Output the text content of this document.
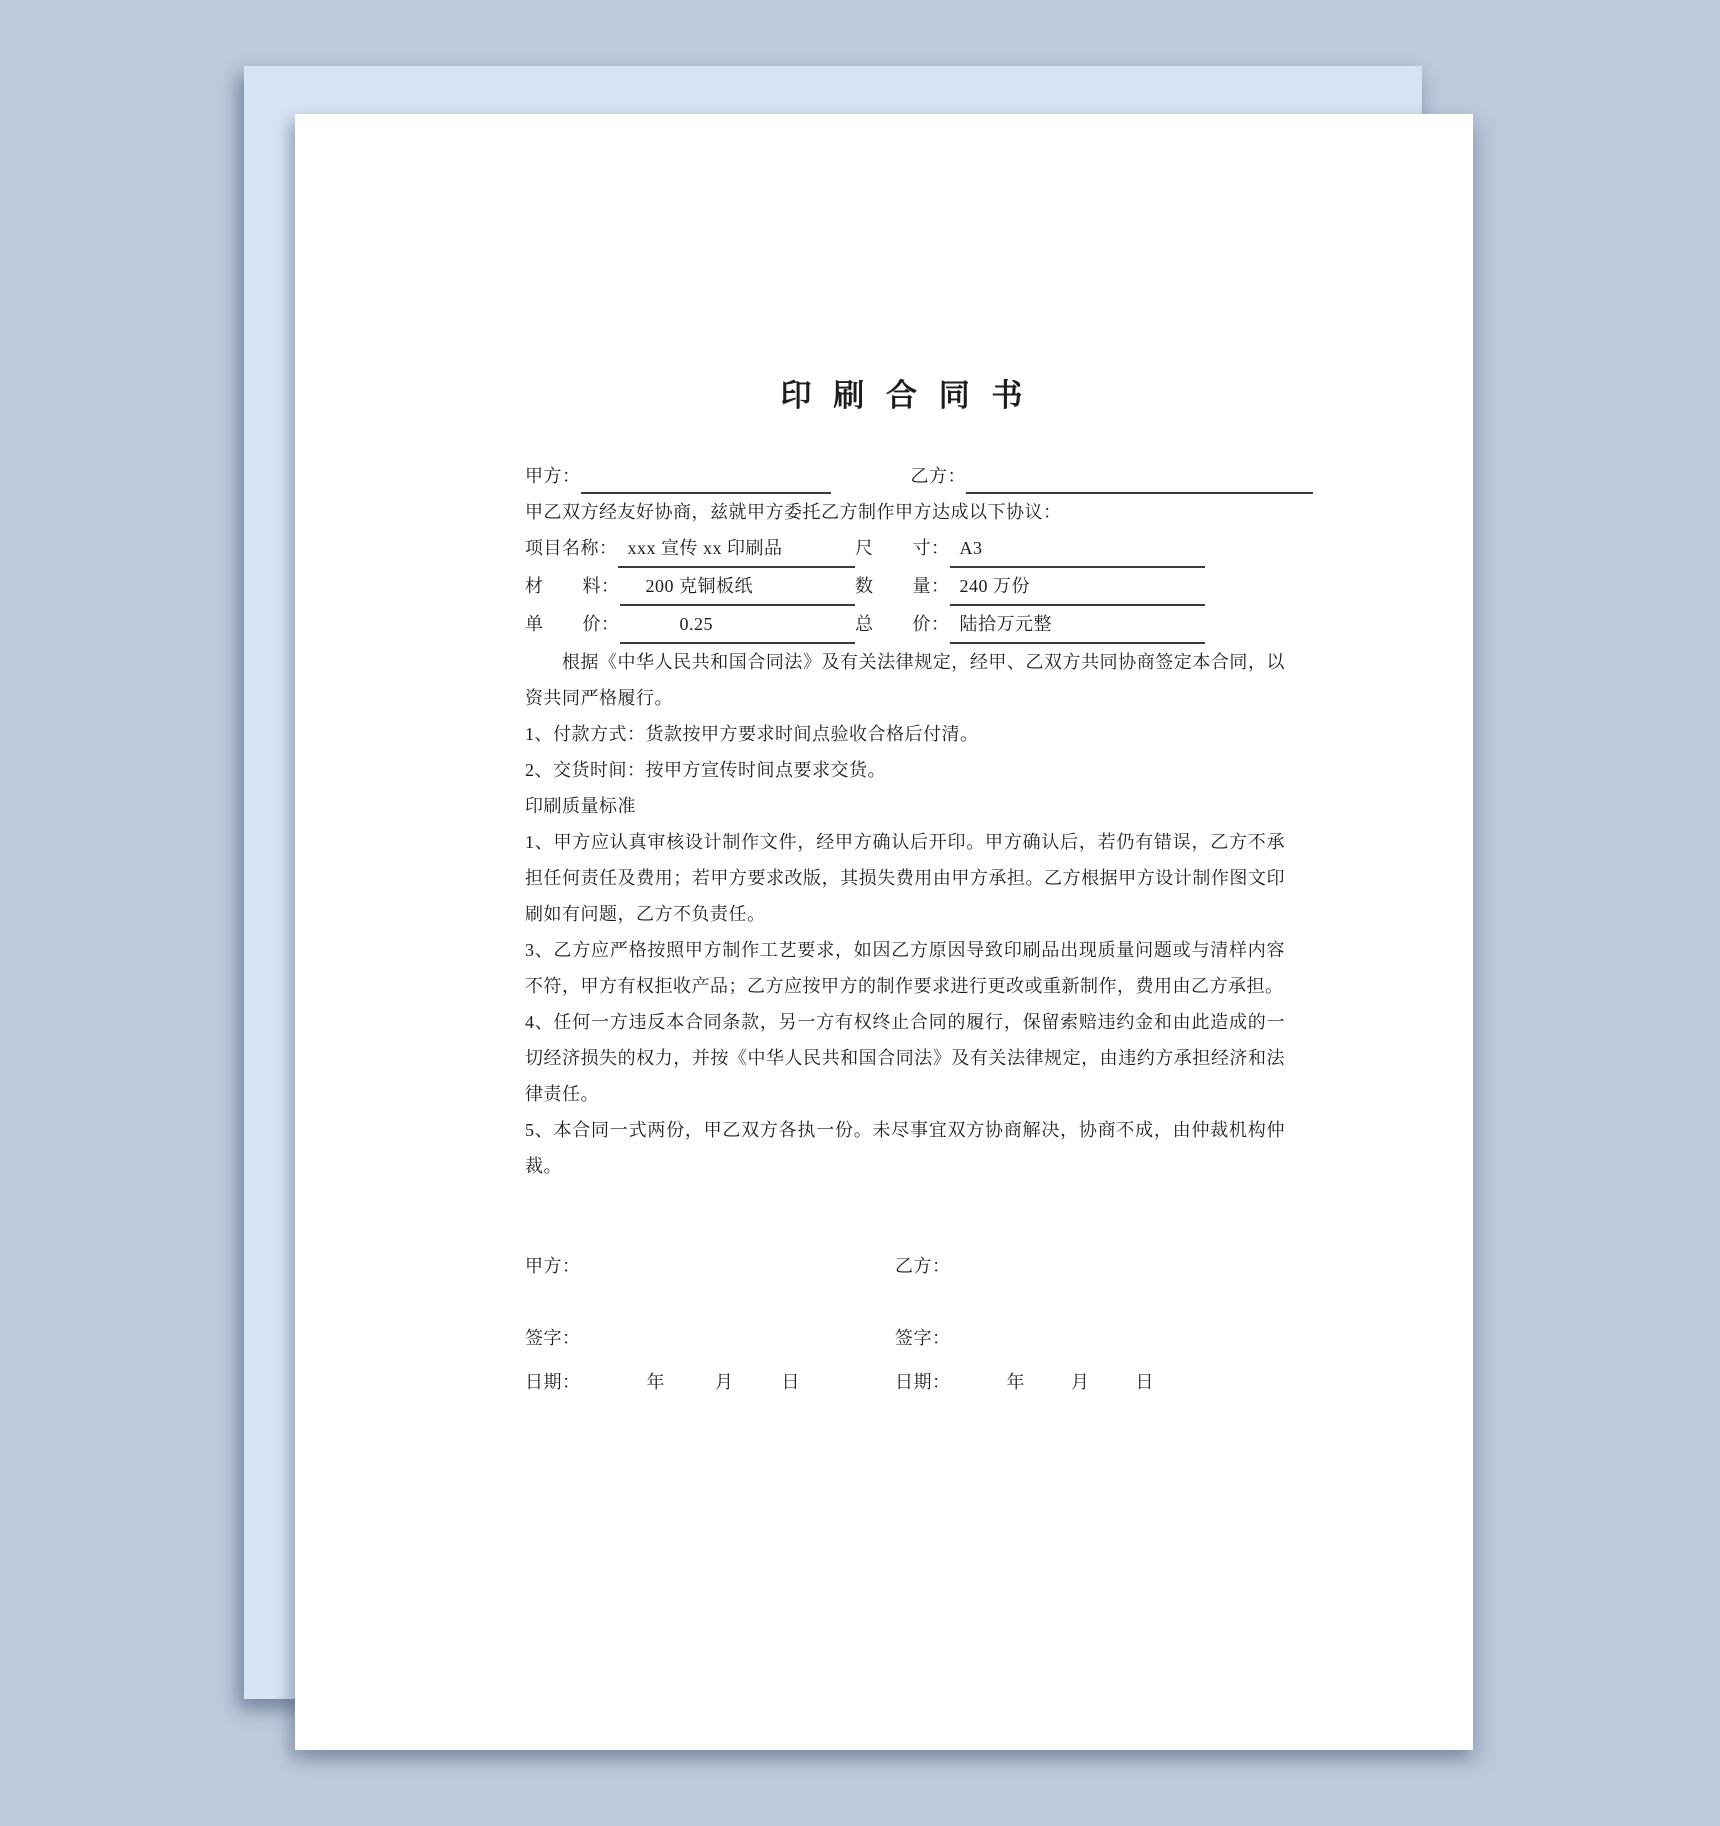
印 刷 合 同 书
甲方：	乙方：
甲乙双方经友好协商，兹就甲方委托乙方制作甲方达成以下协议：
项目名称： xxx 宣传 xx 印刷品	尺 寸 ： A3
材 料 ：	200 克铜板纸	数 量 ： 240 万份
单 价 ：	0.25	总 价 ： 陆拾万元整

根据《中华人民共和国合同法》及有关法律规定，经甲、乙双方共同协商签定本合同，以资共同严格履行。

1、付款方式：货款按甲方要求时间点验收合格后付清。
2、交货时间：按甲方宣传时间点要求交货。
印刷质量标准

1、甲方应认真审核设计制作文件，经甲方确认后开印。甲方确认后，若仍有错误，乙方不承担任何责任及费用；若甲方要求改版，其损失费用由甲方承担。乙方根据甲方设计制作图文印刷如有问题，乙方不负责任。

3、乙方应严格按照甲方制作工艺要求，如因乙方原因导致印刷品出现质量问题或与清样内容不符，甲方有权拒收产品；乙方应按甲方的制作要求进行更改或重新制作，费用由乙方承担。

4、任何一方违反本合同条款，另一方有权终止合同的履行，保留索赔违约金和由此造成的一切经济损失的权力，并按《中华人民共和国合同法》及有关法律规定，由违约方承担经济和法律责任。

5、本合同一式两份，甲乙双方各执一份。未尽事宜双方协商解决，协商不成，由仲裁机构仲裁。

甲方：	乙方：
签字：	签字：
日期：	年	月	日	日期：	年	月	日
